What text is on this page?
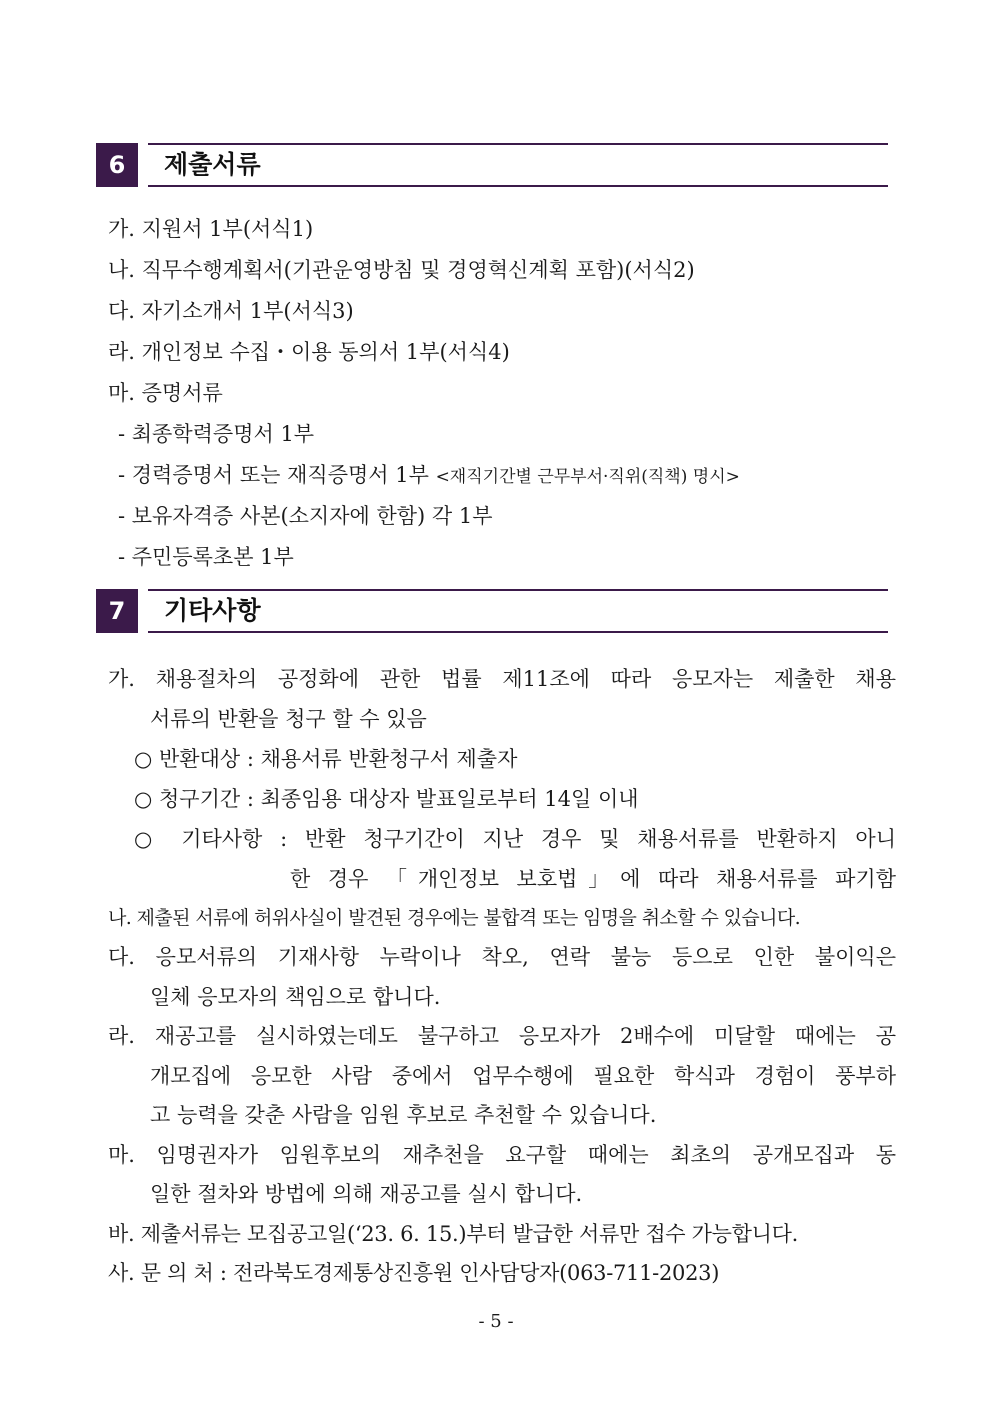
6	제출서류
가. 지원서 1부(서식1)
나. 직무수행계획서(기관운영방침 및 경영혁신계획 포함)(서식2)
다. 자기소개서 1부(서식3)
라. 개인정보 수집・이용 동의서 1부(서식4)
마. 증명서류
- 최종학력증명서 1부
- 경력증명서 또는 재직증명서 1부 <재직기간별 근무부서·직위(직책) 명시>
- 보유자격증 사본(소지자에 한함) 각 1부
- 주민등록초본 1부
7	기타사항
가. 채용절차의 공정화에 관한 법률 제11조에 따라 응모자는 제출한 채용
서류의 반환을 청구 할 수 있음
○ 반환대상 : 채용서류 반환청구서 제출자
○ 청구기간 : 최종임용 대상자 발표일로부터 14일 이내
○ 기타사항 : 반환 청구기간이 지난 경우 및 채용서류를 반환하지 아니
한 경우 「개인정보 보호법」에 따라 채용서류를 파기함
나. 제출된 서류에 허위사실이 발견된 경우에는 불합격 또는 임명을 취소할 수 있습니다.
다. 응모서류의 기재사항 누락이나 착오, 연락 불능 등으로 인한 불이익은
일체 응모자의 책임으로 합니다.
라. 재공고를 실시하였는데도 불구하고 응모자가 2배수에 미달할 때에는 공
개모집에 응모한 사람 중에서 업무수행에 필요한 학식과 경험이 풍부하
고 능력을 갖춘 사람을 임원 후보로 추천할 수 있습니다.
마. 임명권자가 임원후보의 재추천을 요구할 때에는 최초의 공개모집과 동
일한 절차와 방법에 의해 재공고를 실시 합니다.
바. 제출서류는 모집공고일(‘23. 6. 15.)부터 발급한 서류만 접수 가능합니다.
사. 문 의 처 : 전라북도경제통상진흥원 인사담당자(063-711-2023)
- 5 -
